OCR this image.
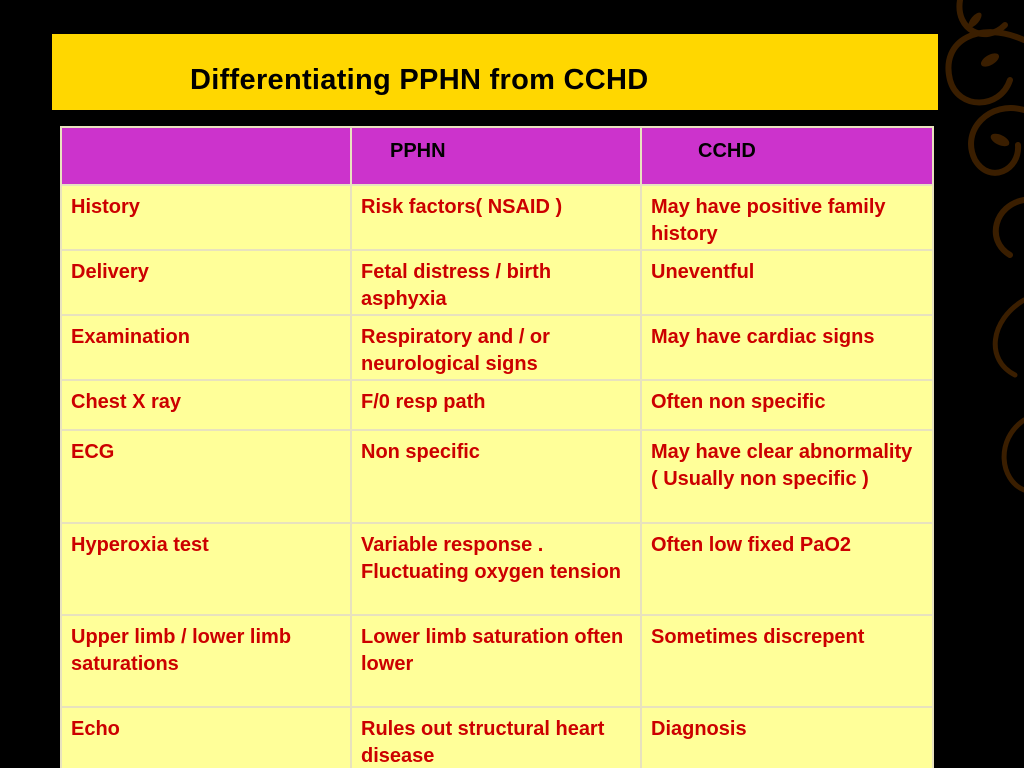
Differentiating PPHN from CCHD
	PPHN	CCHD
History	Risk factors( NSAID )	May have positive family history
Delivery	Fetal distress / birth asphyxia	Uneventful
Examination	Respiratory and / or neurological signs	May have cardiac signs
Chest X ray	F/0 resp path	Often non specific
ECG	Non specific	May have clear abnormality ( Usually non specific )
Hyperoxia test	Variable response . Fluctuating oxygen tension	Often low fixed PaO2
Upper limb / lower limb saturations	Lower limb saturation often lower	Sometimes discrepent
Echo	Rules out structural heart disease	Diagnosis
